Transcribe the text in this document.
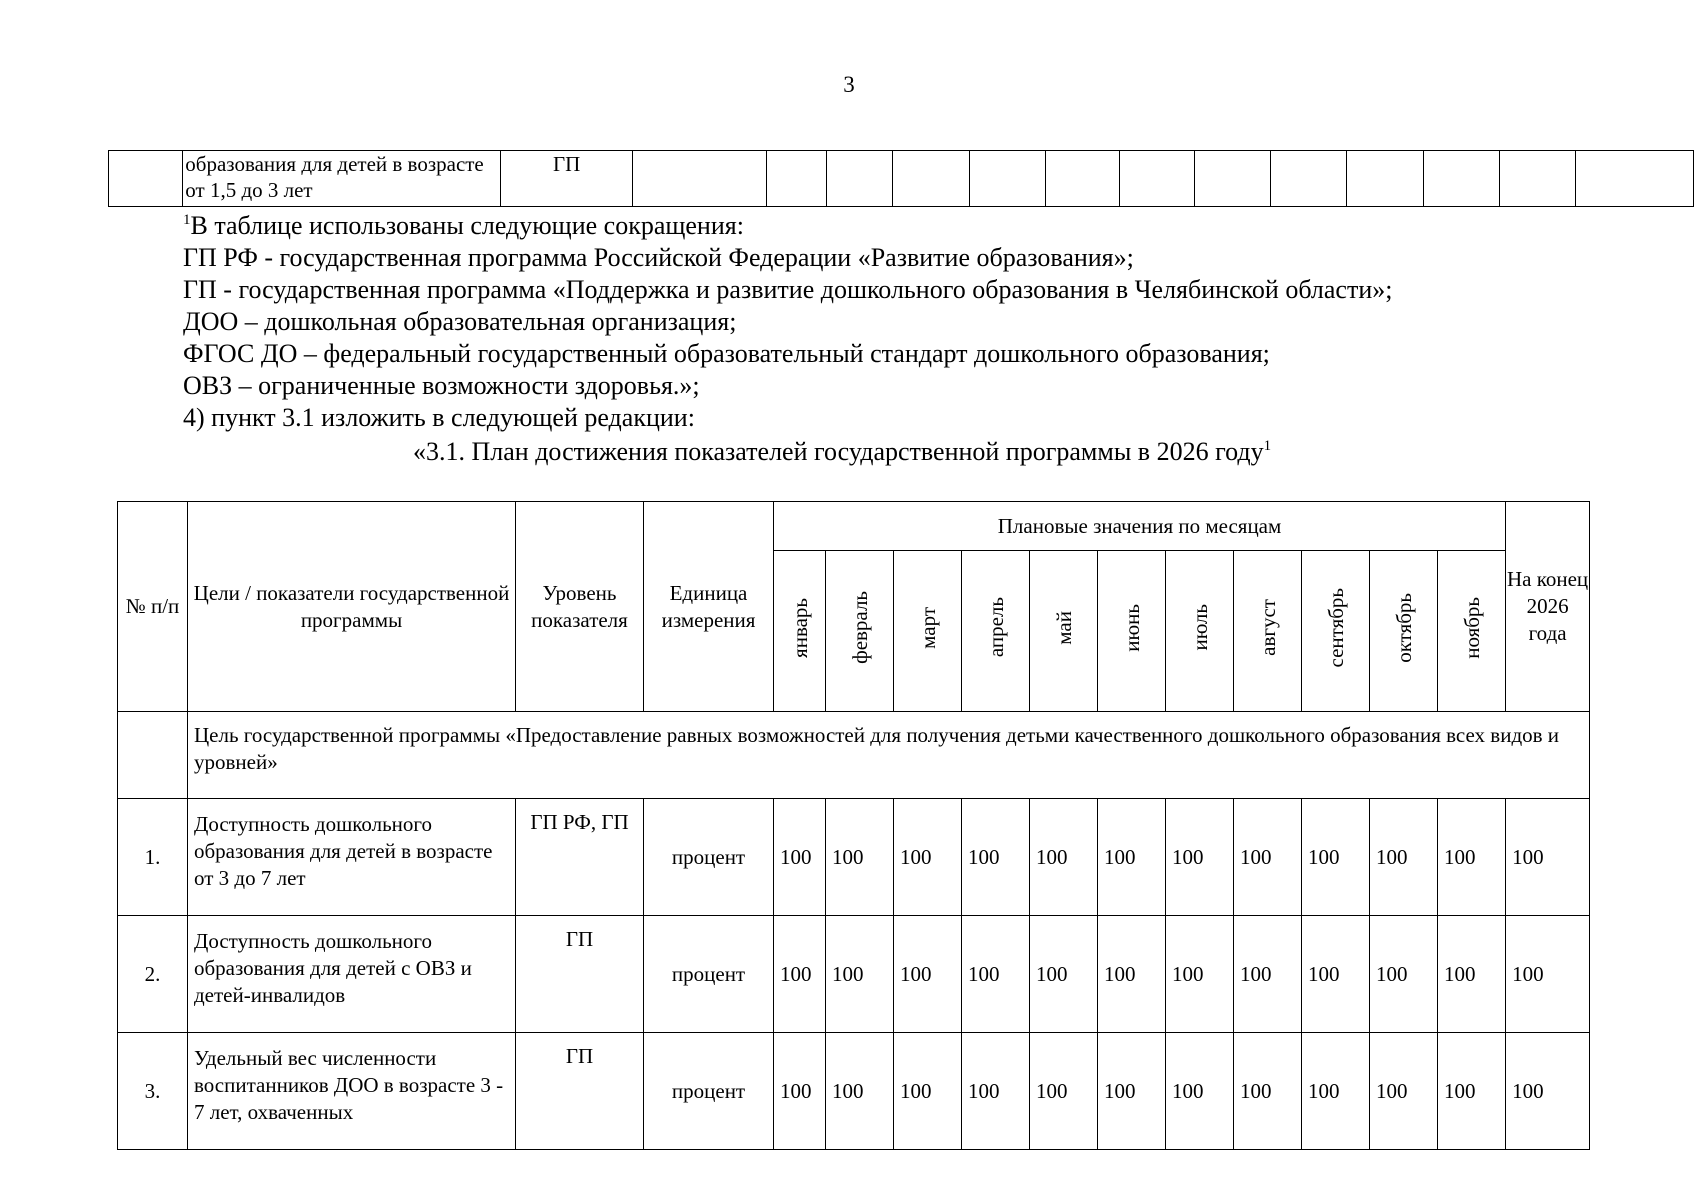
3
	образования для детей в возрасте от 1,5 до 3 лет	ГП													

$^1$В таблице использованы следующие сокращения:

ГП РФ - государственная программа Российской Федерации «Развитие образования»;

ГП - государственная программа «Поддержка и развитие дошкольного образования в Челябинской области»;

ДОО – дошкольная образовательная организация;

ФГОС ДО – федеральный государственный образовательный стандарт дошкольного образования;

ОВЗ – ограниченные возможности здоровья.»;

4) пункт 3.1 изложить в следующей редакции:

«3.1. План достижения показателей государственной программы в 2026 году$^1$
№ п/п	Цели / показатели государственной программы	Уровень показателя	Единица измерения	Плановые значения по месяцам											На конец 2026 года
				январь	февраль	март	апрель	май	июнь	июль	август	сентябрь	октябрь	ноябрь	
	Цель государственной программы «Предоставление равных возможностей для получения детьми качественного дошкольного образования всех видов и уровней»														
1.	Доступность дошкольного образования для детей в возрасте от 3 до 7 лет	ГП РФ, ГП	процент	100	100	100	100	100	100	100	100	100	100	100	100
2.	Доступность дошкольного образования для детей с ОВЗ и детей-инвалидов	ГП	процент	100	100	100	100	100	100	100	100	100	100	100	100
3.	Удельный вес численности воспитанников ДОО в возрасте 3 - 7 лет, охваченных	ГП	процент	100	100	100	100	100	100	100	100	100	100	100	100
